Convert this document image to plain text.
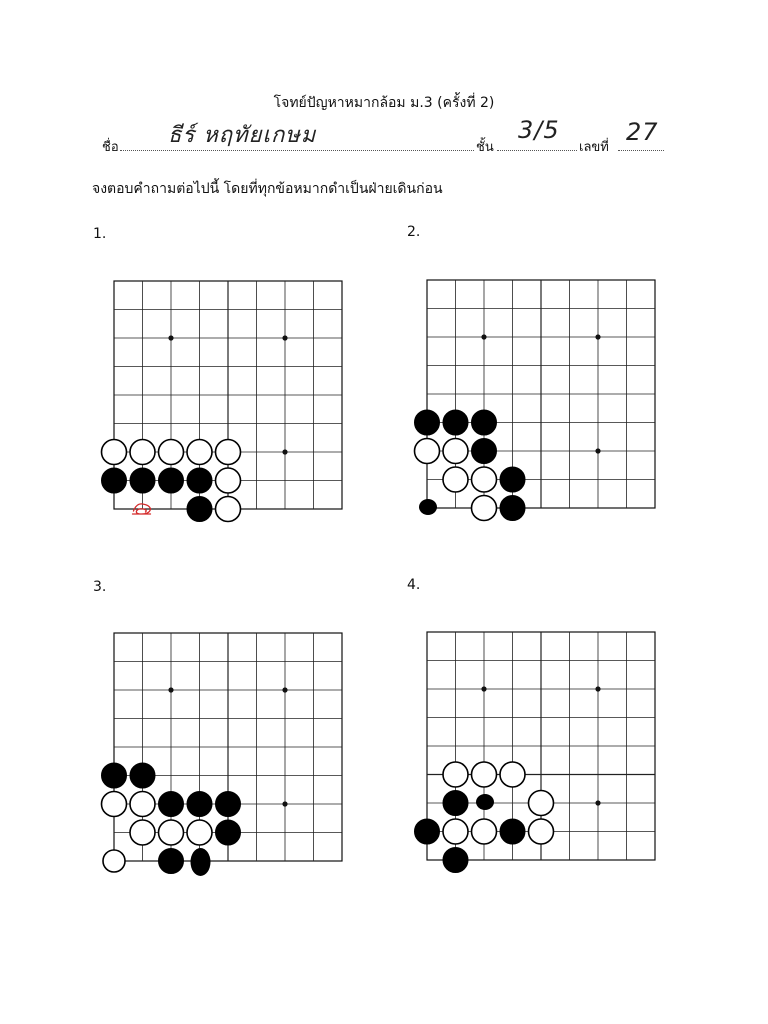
โจทย์ปัญหาหมากล้อม ม.3 (ครั้งที่ 2)
ชื่อ ธีร์ หฤทัยเกษม	ชั้น
3/5
เลขที่
27
จงตอบคำถามต่อไปนี้ โดยที่ทุกข้อหมากดำเป็นฝ่ายเดินก่อน
1.	2.
3.	4.
